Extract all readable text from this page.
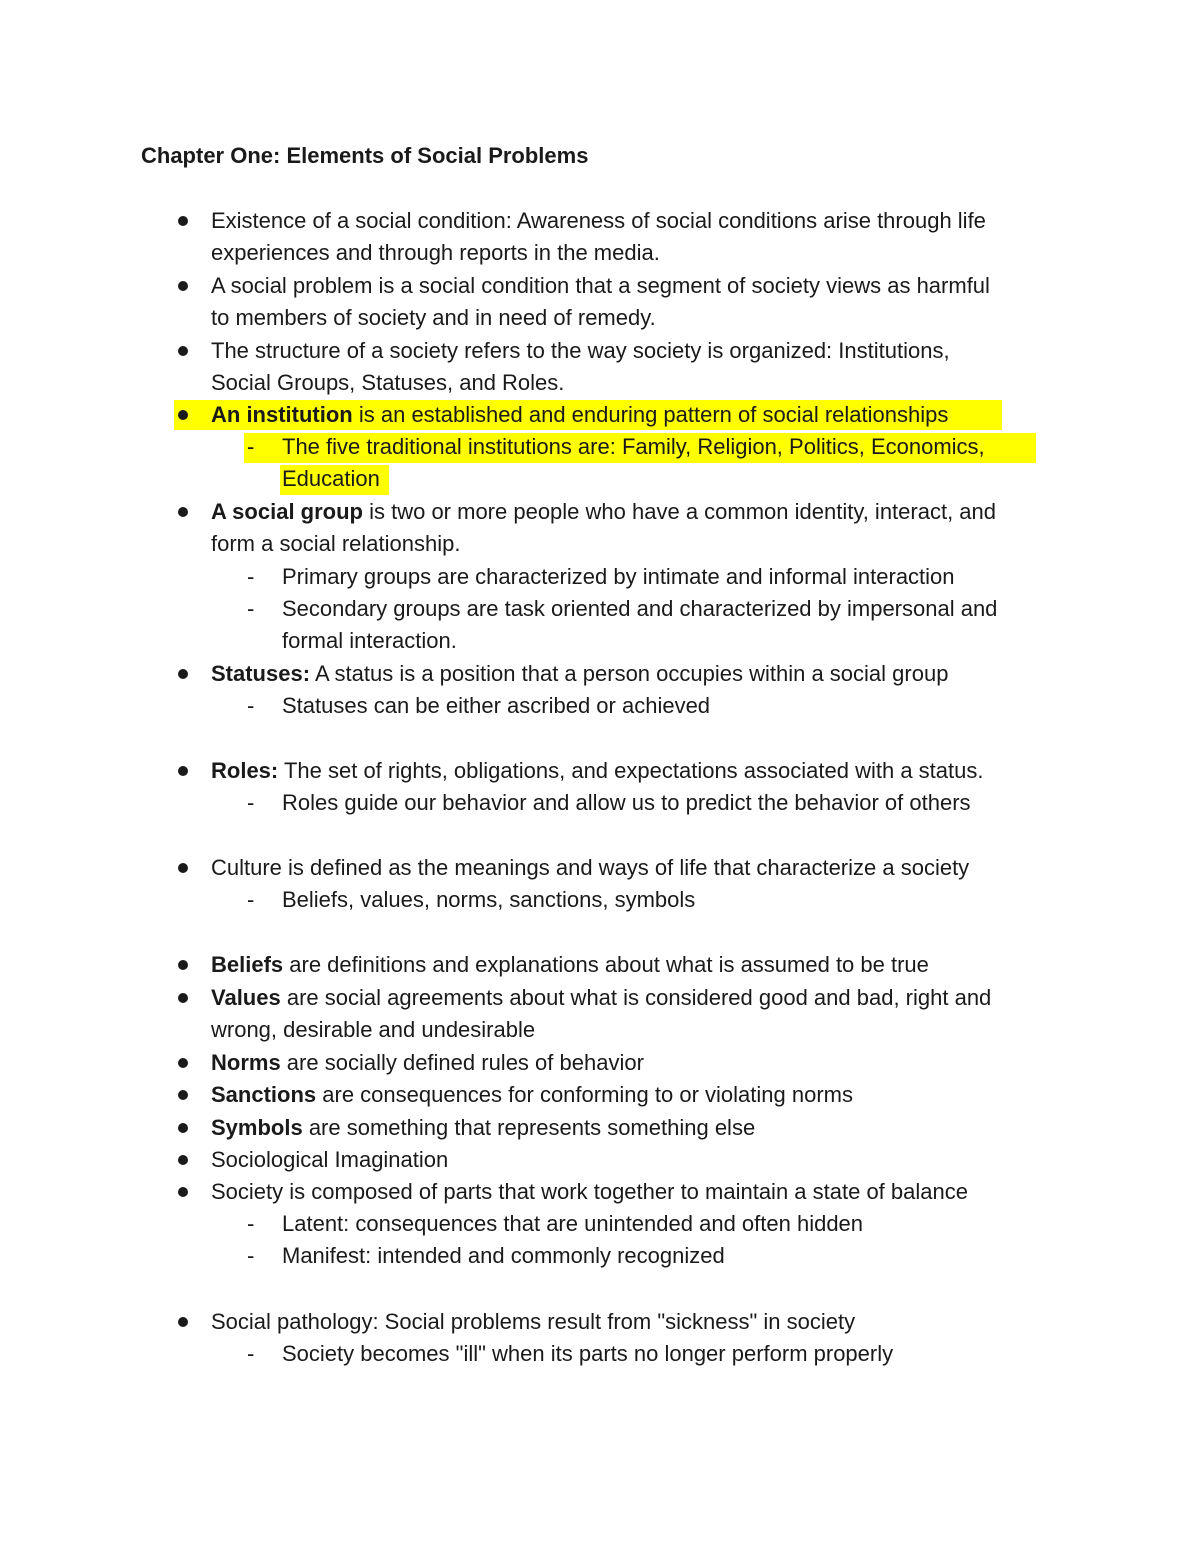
Chapter One: Elements of Social Problems
Existence of a social condition: Awareness of social conditions arise through life
experiences and through reports in the media.
A social problem is a social condition that a segment of society views as harmful
to members of society and in need of remedy.
The structure of a society refers to the way society is organized: Institutions,
Social Groups, Statuses, and Roles.
An institution is an established and enduring pattern of social relationships
- The five traditional institutions are: Family, Religion, Politics, Economics,
Education
A social group is two or more people who have a common identity, interact, and
form a social relationship.
- Primary groups are characterized by intimate and informal interaction
- Secondary groups are task oriented and characterized by impersonal and
formal interaction.
Statuses: A status is a position that a person occupies within a social group
- Statuses can be either ascribed or achieved
Roles: The set of rights, obligations, and expectations associated with a status.
- Roles guide our behavior and allow us to predict the behavior of others
Culture is defined as the meanings and ways of life that characterize a society
- Beliefs, values, norms, sanctions, symbols
Beliefs are definitions and explanations about what is assumed to be true
Values are social agreements about what is considered good and bad, right and
wrong, desirable and undesirable
Norms are socially defined rules of behavior
Sanctions are consequences for conforming to or violating norms
Symbols are something that represents something else
Sociological Imagination
Society is composed of parts that work together to maintain a state of balance
- Latent: consequences that are unintended and often hidden
- Manifest: intended and commonly recognized
Social pathology: Social problems result from "sickness" in society
- Society becomes "ill" when its parts no longer perform properly
